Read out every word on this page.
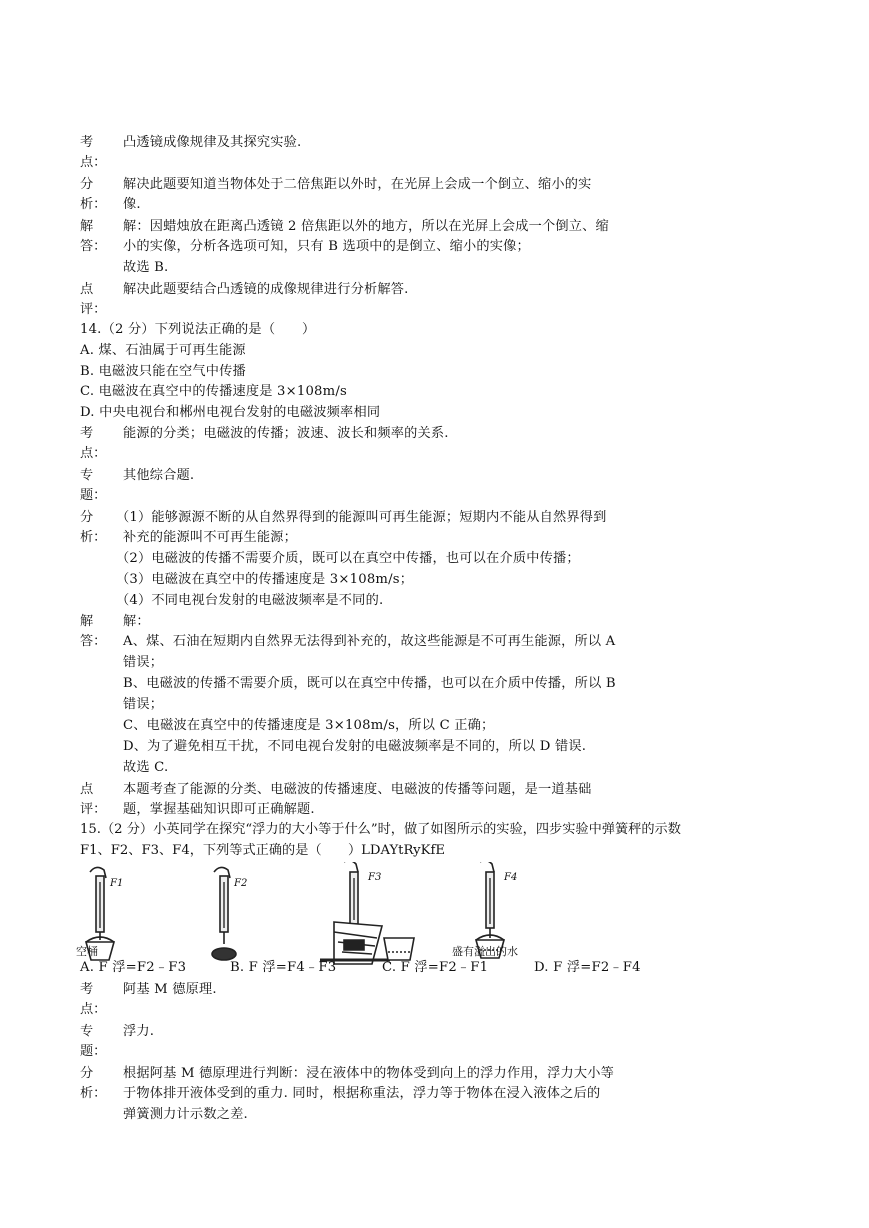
考
点：
凸透镜成像规律及其探究实验.
分
析：
解决此题要知道当物体处于二倍焦距以外时，在光屏上会成一个倒立、缩小的实
像.
解
答：
解：因蜡烛放在距离凸透镜 2 倍焦距以外的地方，所以在光屏上会成一个倒立、缩
小的实像，分析各选项可知，只有 B 选项中的是倒立、缩小的实像；
故选 B.
点
评：
解决此题要结合凸透镜的成像规律进行分析解答.
14.（2 分）下列说法正确的是（　　）
A. 煤、石油属于可再生能源
B. 电磁波只能在空气中传播
C. 电磁波在真空中的传播速度是 3×108m/s
D. 中央电视台和郴州电视台发射的电磁波频率相同
考
点：
能源的分类；电磁波的传播；波速、波长和频率的关系.
专
题：
其他综合题.
分
析：
（1）能够源源不断的从自然界得到的能源叫可再生能源；短期内不能从自然界得到
补充的能源叫不可再生能源；
（2）电磁波的传播不需要介质，既可以在真空中传播，也可以在介质中传播；
（3）电磁波在真空中的传播速度是 3×108m/s；
（4）不同电视台发射的电磁波频率是不同的.
解
答：
解：
A、煤、石油在短期内自然界无法得到补充的，故这些能源是不可再生能源，所以 A
错误；
B、电磁波的传播不需要介质，既可以在真空中传播，也可以在介质中传播，所以 B
错误；
C、电磁波在真空中的传播速度是 3×108m/s，所以 C 正确；
D、为了避免相互干扰，不同电视台发射的电磁波频率是不同的，所以 D 错误.
故选 C.
点
评：
本题考查了能源的分类、电磁波的传播速度、电磁波的传播等问题，是一道基础
题，掌握基础知识即可正确解题.
15.（2 分）小英同学在探究“浮力的大小等于什么”时，做了如图所示的实验，四步实验中弹簧秤的示数
F1、F2、F3、F4，下列等式正确的是（　　）LDAYtRyKfE
F1	F2
F3	F4
空桶	盛有溢出的水
A. F 浮=F2﹣F3	B. F 浮=F4﹣F3	C. F 浮=F2﹣F1	D. F 浮=F2﹣F4
考
点：
阿基 M 德原理.
专
题：
浮力.
分
析：
根据阿基 M 德原理进行判断：浸在液体中的物体受到向上的浮力作用，浮力大小等
于物体排开液体受到的重力. 同时，根据称重法，浮力等于物体在浸入液体之后的
弹簧测力计示数之差.
